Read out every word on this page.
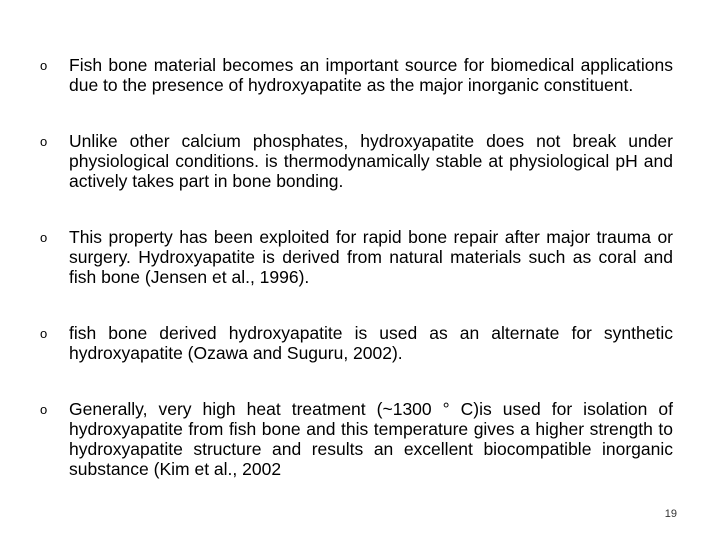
o Fish bone material becomes an important source for biomedical applications due to the presence of hydroxyapatite as the major inorganic constituent.
o Unlike other calcium phosphates, hydroxyapatite does not break under physiological conditions. is thermodynamically stable at physiological pH and actively takes part in bone bonding.
o This property has been exploited for rapid bone repair after major trauma or surgery. Hydroxyapatite is derived from natural materials such as coral and fish bone (Jensen et al., 1996).
o fish bone derived hydroxyapatite is used as an alternate for synthetic hydroxyapatite (Ozawa and Suguru, 2002).
o Generally, very high heat treatment (~1300 ° C)is used for isolation of hydroxyapatite from fish bone and this temperature gives a higher strength to hydroxyapatite structure and results an excellent biocompatible inorganic substance (Kim et al., 2002
19
